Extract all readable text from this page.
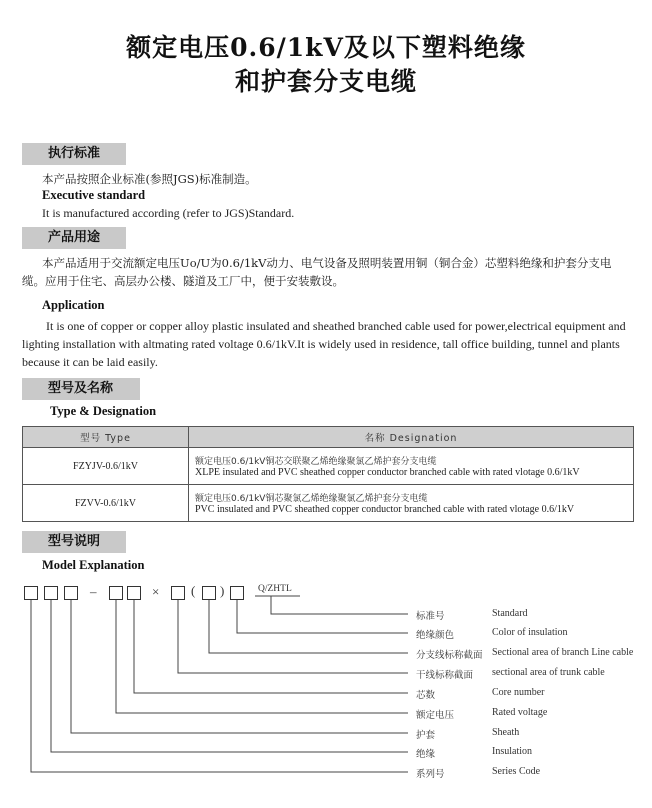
额定电压0.6/1kV及以下塑料绝缘
和护套分支电缆
执行标准
本产品按照企业标准(参照JGS)标准制造。
Executive standard
It is manufactured according (refer to JGS)Standard.
产品用途
本产品适用于交流额定电压Uo/U为0.6/1kV动力、电气设备及照明装置用铜（铜合金）芯塑料绝缘和护套分支电缆。应用于住宅、高层办公楼、隧道及工厂中，便于安装敷设。
Application
It is one of copper or copper alloy plastic insulated and sheathed branched cable used for power,electrical equipment and lighting installation with altmating rated voltage 0.6/1kV.It is widely used in residence, tall office building, tunnel and plants because it can be laid easily.
型号及名称
Type & Designation
型号 Type	名称 Designation
FZYJV-0.6/1kV	额定电压0.6/1kV铜芯交联聚乙烯绝缘聚氯乙烯护套分支电缆
XLPE insulated and PVC sheathed copper conductor branched cable with rated vlotage 0.6/1kV

FZVV-0.6/1kV	额定电压0.6/1kV铜芯聚氯乙烯绝缘聚氯乙烯护套分支电缆
PVC insulated and PVC sheathed copper conductor branched cable with rated vlotage 0.6/1kV
型号说明
Model Explanation
–	× ( )	Q/ZHTL
标准号	Standard
绝缘颜色	Color of insulation
分支线标称截面 Sectional area of branch Line cable
干线标称截面 sectional area of trunk cable
芯数	Core number
额定电压	Rated voltage
护套	Sheath
绝缘	Insulation
系列号	Series Code
